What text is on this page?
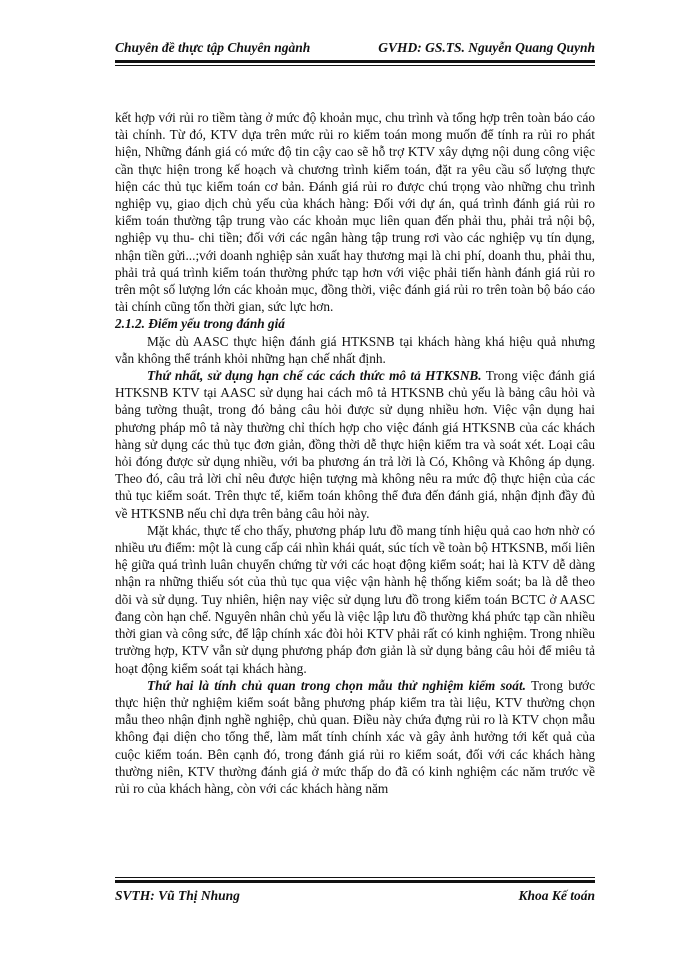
Chuyên đề thực tập Chuyên ngành	GVHD: GS.TS. Nguyễn Quang Quynh

kết hợp với rủi ro tiềm tàng ở mức độ khoản mục, chu trình và tổng hợp trên toàn báo cáo tài chính. Từ đó, KTV dựa trên mức rủi ro kiểm toán mong muốn để tính ra rủi ro phát hiện, Những đánh giá có mức độ tin cậy cao sẽ hỗ trợ KTV xây dựng nội dung công việc cần thực hiện trong kế hoạch và chương trình kiểm toán, đặt ra yêu cầu số lượng thực hiện các thủ tục kiểm toán cơ bản. Đánh giá rủi ro được chú trọng vào những chu trình nghiệp vụ, giao dịch chủ yếu của khách hàng: Đối với dự án, quá trình đánh giá rủi ro kiểm toán thường tập trung vào các khoản mục liên quan đến phải thu, phải trả nội bộ, nghiệp vụ thu- chi tiền; đối với các ngân hàng tập trung rơi vào các nghiệp vụ tín dụng, nhận tiền gửi...;với doanh nghiệp sản xuất hay thương mại là chi phí, doanh thu, phải thu, phải trả quá trình kiểm toán thường phức tạp hơn với việc phải tiến hành đánh giá rủi ro trên một số lượng lớn các khoản mục, đồng thời, việc đánh giá rủi ro trên toàn bộ báo cáo tài chính cũng tốn thời gian, sức lực hơn.

2.1.2. Điểm yếu trong đánh giá

Mặc dù AASC thực hiện đánh giá HTKSNB tại khách hàng khá hiệu quả nhưng vẫn không thể tránh khỏi những hạn chế nhất định.

Thứ nhất, sử dụng hạn chế các cách thức mô tả HTKSNB. Trong việc đánh giá HTKSNB KTV tại AASC sử dụng hai cách mô tả HTKSNB chủ yếu là bảng câu hỏi và bảng tường thuật, trong đó bảng câu hỏi được sử dụng nhiều hơn. Việc vận dụng hai phương pháp mô tả này thường chỉ thích hợp cho việc đánh giá HTKSNB của các khách hàng sử dụng các thủ tục đơn giản, đồng thời dễ thực hiện kiểm tra và soát xét. Loại câu hỏi đóng được sử dụng nhiều, với ba phương án trả lời là Có, Không và Không áp dụng. Theo đó, câu trả lời chỉ nêu được hiện tượng mà không nêu ra mức độ thực hiện của các thủ tục kiểm soát. Trên thực tế, kiểm toán không thể đưa đến đánh giá, nhận định đầy đủ về HTKSNB nếu chỉ dựa trên bảng câu hỏi này.

Mặt khác, thực tế cho thấy, phương pháp lưu đồ mang tính hiệu quả cao hơn nhờ có nhiều ưu điểm: một là cung cấp cái nhìn khái quát, súc tích về toàn bộ HTKSNB, mối liên hệ giữa quá trình luân chuyển chứng từ với các hoạt động kiểm soát; hai là KTV dễ dàng nhận ra những thiếu sót của thủ tục qua việc vận hành hệ thống kiểm soát; ba là dễ theo dõi và sử dụng. Tuy nhiên, hiện nay việc sử dụng lưu đồ trong kiểm toán BCTC ở AASC đang còn hạn chế. Nguyên nhân chủ yếu là việc lập lưu đồ thường khá phức tạp cần nhiều thời gian và công sức, để lập chính xác đòi hỏi KTV phải rất có kinh nghiệm. Trong nhiều trường hợp, KTV vẫn sử dụng phương pháp đơn giản là sử dụng bảng câu hỏi để miêu tả hoạt động kiểm soát tại khách hàng.

Thứ hai là tính chủ quan trong chọn mẫu thử nghiệm kiểm soát. Trong bước thực hiện thử nghiệm kiểm soát bằng phương pháp kiểm tra tài liệu, KTV thường chọn mẫu theo nhận định nghề nghiệp, chủ quan. Điều này chứa đựng rủi ro là KTV chọn mẫu không đại diện cho tổng thể, làm mất tính chính xác và gây ảnh hưởng tới kết quả của cuộc kiểm toán. Bên cạnh đó, trong đánh giá rủi ro kiểm soát, đối với các khách hàng thường niên, KTV thường đánh giá ở mức thấp do đã có kinh nghiệm các năm trước về rủi ro của khách hàng, còn với các khách hàng năm

SVTH: Vũ Thị Nhung	Khoa Kế toán
